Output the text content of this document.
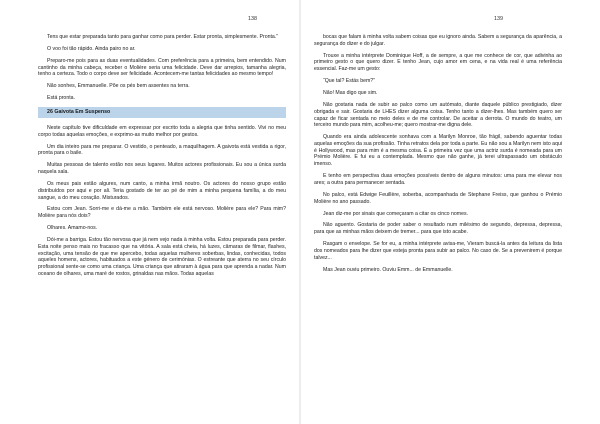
138

Tens que estar preparada tanto para ganhar como para perder. Estar pronta, simplesmente. Pronta.”

O voo foi tão rápido. Ainda pairo no ar.

Preparo-me pois para as duas eventualidades. Com preferência para a primeira, bem entendido. Num cantinho da minha cabeça, receber o Molière seria uma felicidade. Deve dar arrepios, tamanha alegria, tenho a certeza. Todo o corpo deve ser felicidade. Acontecem-me tantas felicidades ao mesmo tempo!

Não sonhes, Emmanuelle. Põe os pés bem assentes na terra.

Está pronta.

26 Gaivota Em Suspenso

Neste capítulo tive dificuldade em expressar por escrito toda a alegria que tinha sentido. Vivi no meu corpo todas aquelas emoções, e exprimo-as muito melhor por gestos.

Um dia inteiro para me preparar. O vestido, o penteado, a maquilhagem. A gaivota está vestida a rigor, pronta para o baile.

Muitas pessoas de talento estão nos seus lugares. Muitos actores profissionais. Eu sou a única surda naquela sala.

Os meus pais estão algures, num canto, a minha irmã noutro. Os actores do nosso grupo estão distribuídos por aqui e por ali. Teria gostado de ter ao pé de mim a minha pequena família, a do meu sangue, a do meu coração. Misturados.

Estou com Jean. Sorri-me e dá-me a mão. Também ele está nervoso. Molière para ele? Para mim? Molière para nós dois?

Olhares. Amamo-nos.

Dói-me a barriga. Estou tão nervosa que já nem vejo nada à minha volta. Estou preparada para perder. Esta noite penso mais no fracasso que na vitória. A sala está cheia, há luzes, câmaras de filmar, flashes, excitação, uma tensão de que me apercebo, todas aquelas mulheres soberbas, lindas, conhecidas, todos aqueles homens, actores, habituados a este género de cerimónias. O estreante que aterra no seu círculo profissional sente-se como uma criança. Uma criança que atiraram à água para que aprenda a nadar. Num oceano de olhares, uma maré de rostos, grinaldas nas mãos. Todas aquelas

139

bocas que falam à minha volta sabem coisas que eu ignoro ainda. Sabem a segurança da aparência, a segurança do dizer e do julgar.

Trouxe a minha intérprete Dominique Hoff, a de sempre, a que me conhece de cor, que adivinha ao primeiro gesto o que quero dizer. E tenho Jean, cujo amor em cena, e na vida real é uma referência essencial. Faz-me um gesto:

“Que tal? Estás bem?”

Não! Mas digo que sim.

Não gostaria nada de subir ao palco como um autómato, diante daquele público prestigiado, dizer obrigada e sair. Gostaria de LHES dizer alguma coisa. Tenho tanto a dizer-lhes. Mas também quero ser capaz de ficar sentada no meio deles e de me controlar. De aceitar a derrota. O mundo do teatro, um terceiro mundo para mim, acolheu-me; quero mostrar-me digna dele.

Quando era ainda adolescente sonhava com a Marilyn Monroe, tão frágil, sabendo aguentar todas aquelas emoções da sua profissão. Tinha retratos dela por toda a parte. Eu não sou a Marilyn nem isto aqui é Hollywood, mas para mim é a mesma coisa. É a primeira vez que uma actriz surda é nomeada para um Prémio Molière. E fui eu a contemplada. Mesmo que não ganhe, já terei ultrapassado um obstáculo imenso.

E tenho em perspectiva duas emoções possíveis dentro de alguns minutos: uma para me elevar nos ares; a outra para permanecer sentada.

No palco, está Edwige Feuillère, soberba, acompanhada de Stephane Freiss, que ganhou o Prémio Molière no ano passado.

Jean diz-me por sinais que começaram a citar os cinco nomes.

Não aguento. Gostaria de poder saber o resultado num milésimo de segundo, depressa, depressa, para que as minhas mãos deixem de tremer... para que isto acabe.

Rasgam o envelope. Se for eu, a minha intérprete avisa-me, Vieram buscá-la antes da leitura da lista dos nomeados para lhe dizer que esteja pronta para subir ao palco. No caso de. Se a prevenirem é porque talvez...

Mas Jean ouviu primeiro. Ouviu Emm... de Emmanuelle.
